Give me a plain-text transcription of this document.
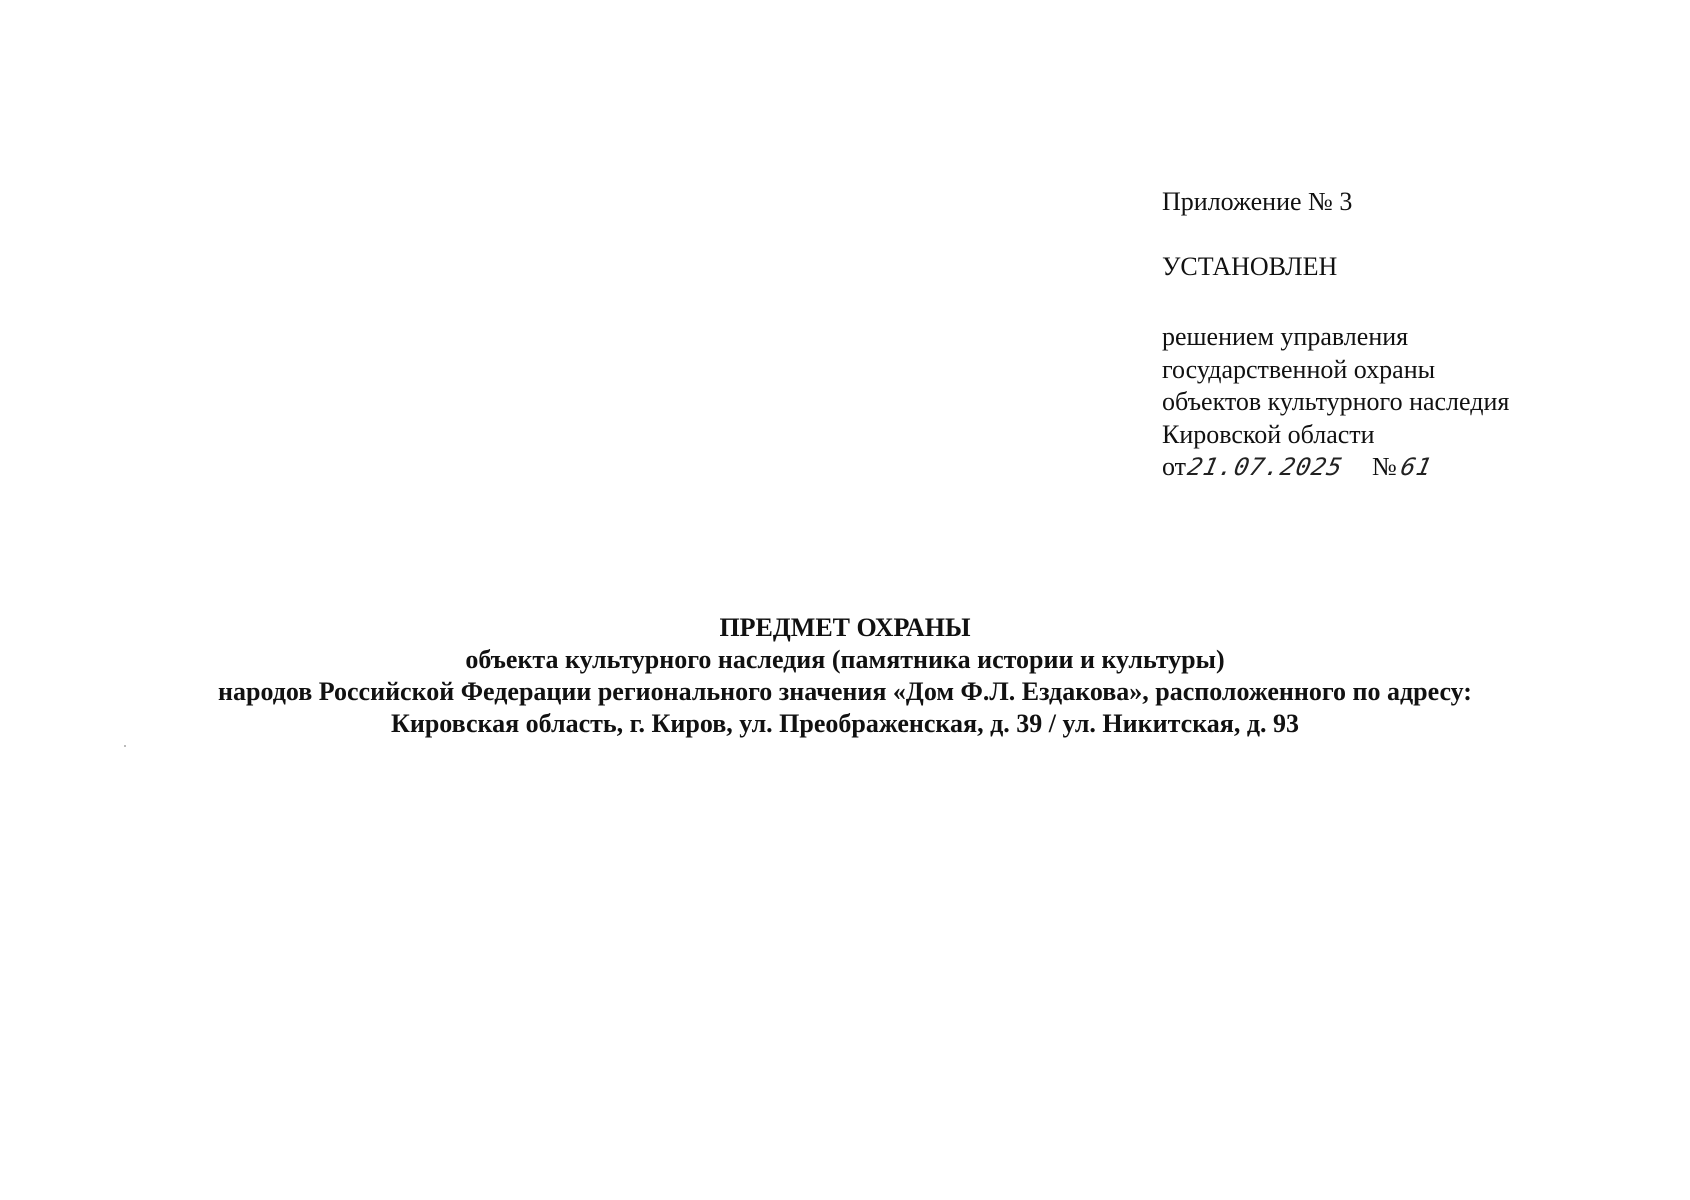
Приложение № 3
УСТАНОВЛЕН
решением управления
государственной охраны
объектов культурного наследия
Кировской области
от21.07.2025 №61
ПРЕДМЕТ ОХРАНЫ
объекта культурного наследия (памятника истории и культуры)
народов Российской Федерации регионального значения «Дом Ф.Л. Ездакова», расположенного по адресу:
Кировская область, г. Киров, ул. Преображенская, д. 39 / ул. Никитская, д. 93
